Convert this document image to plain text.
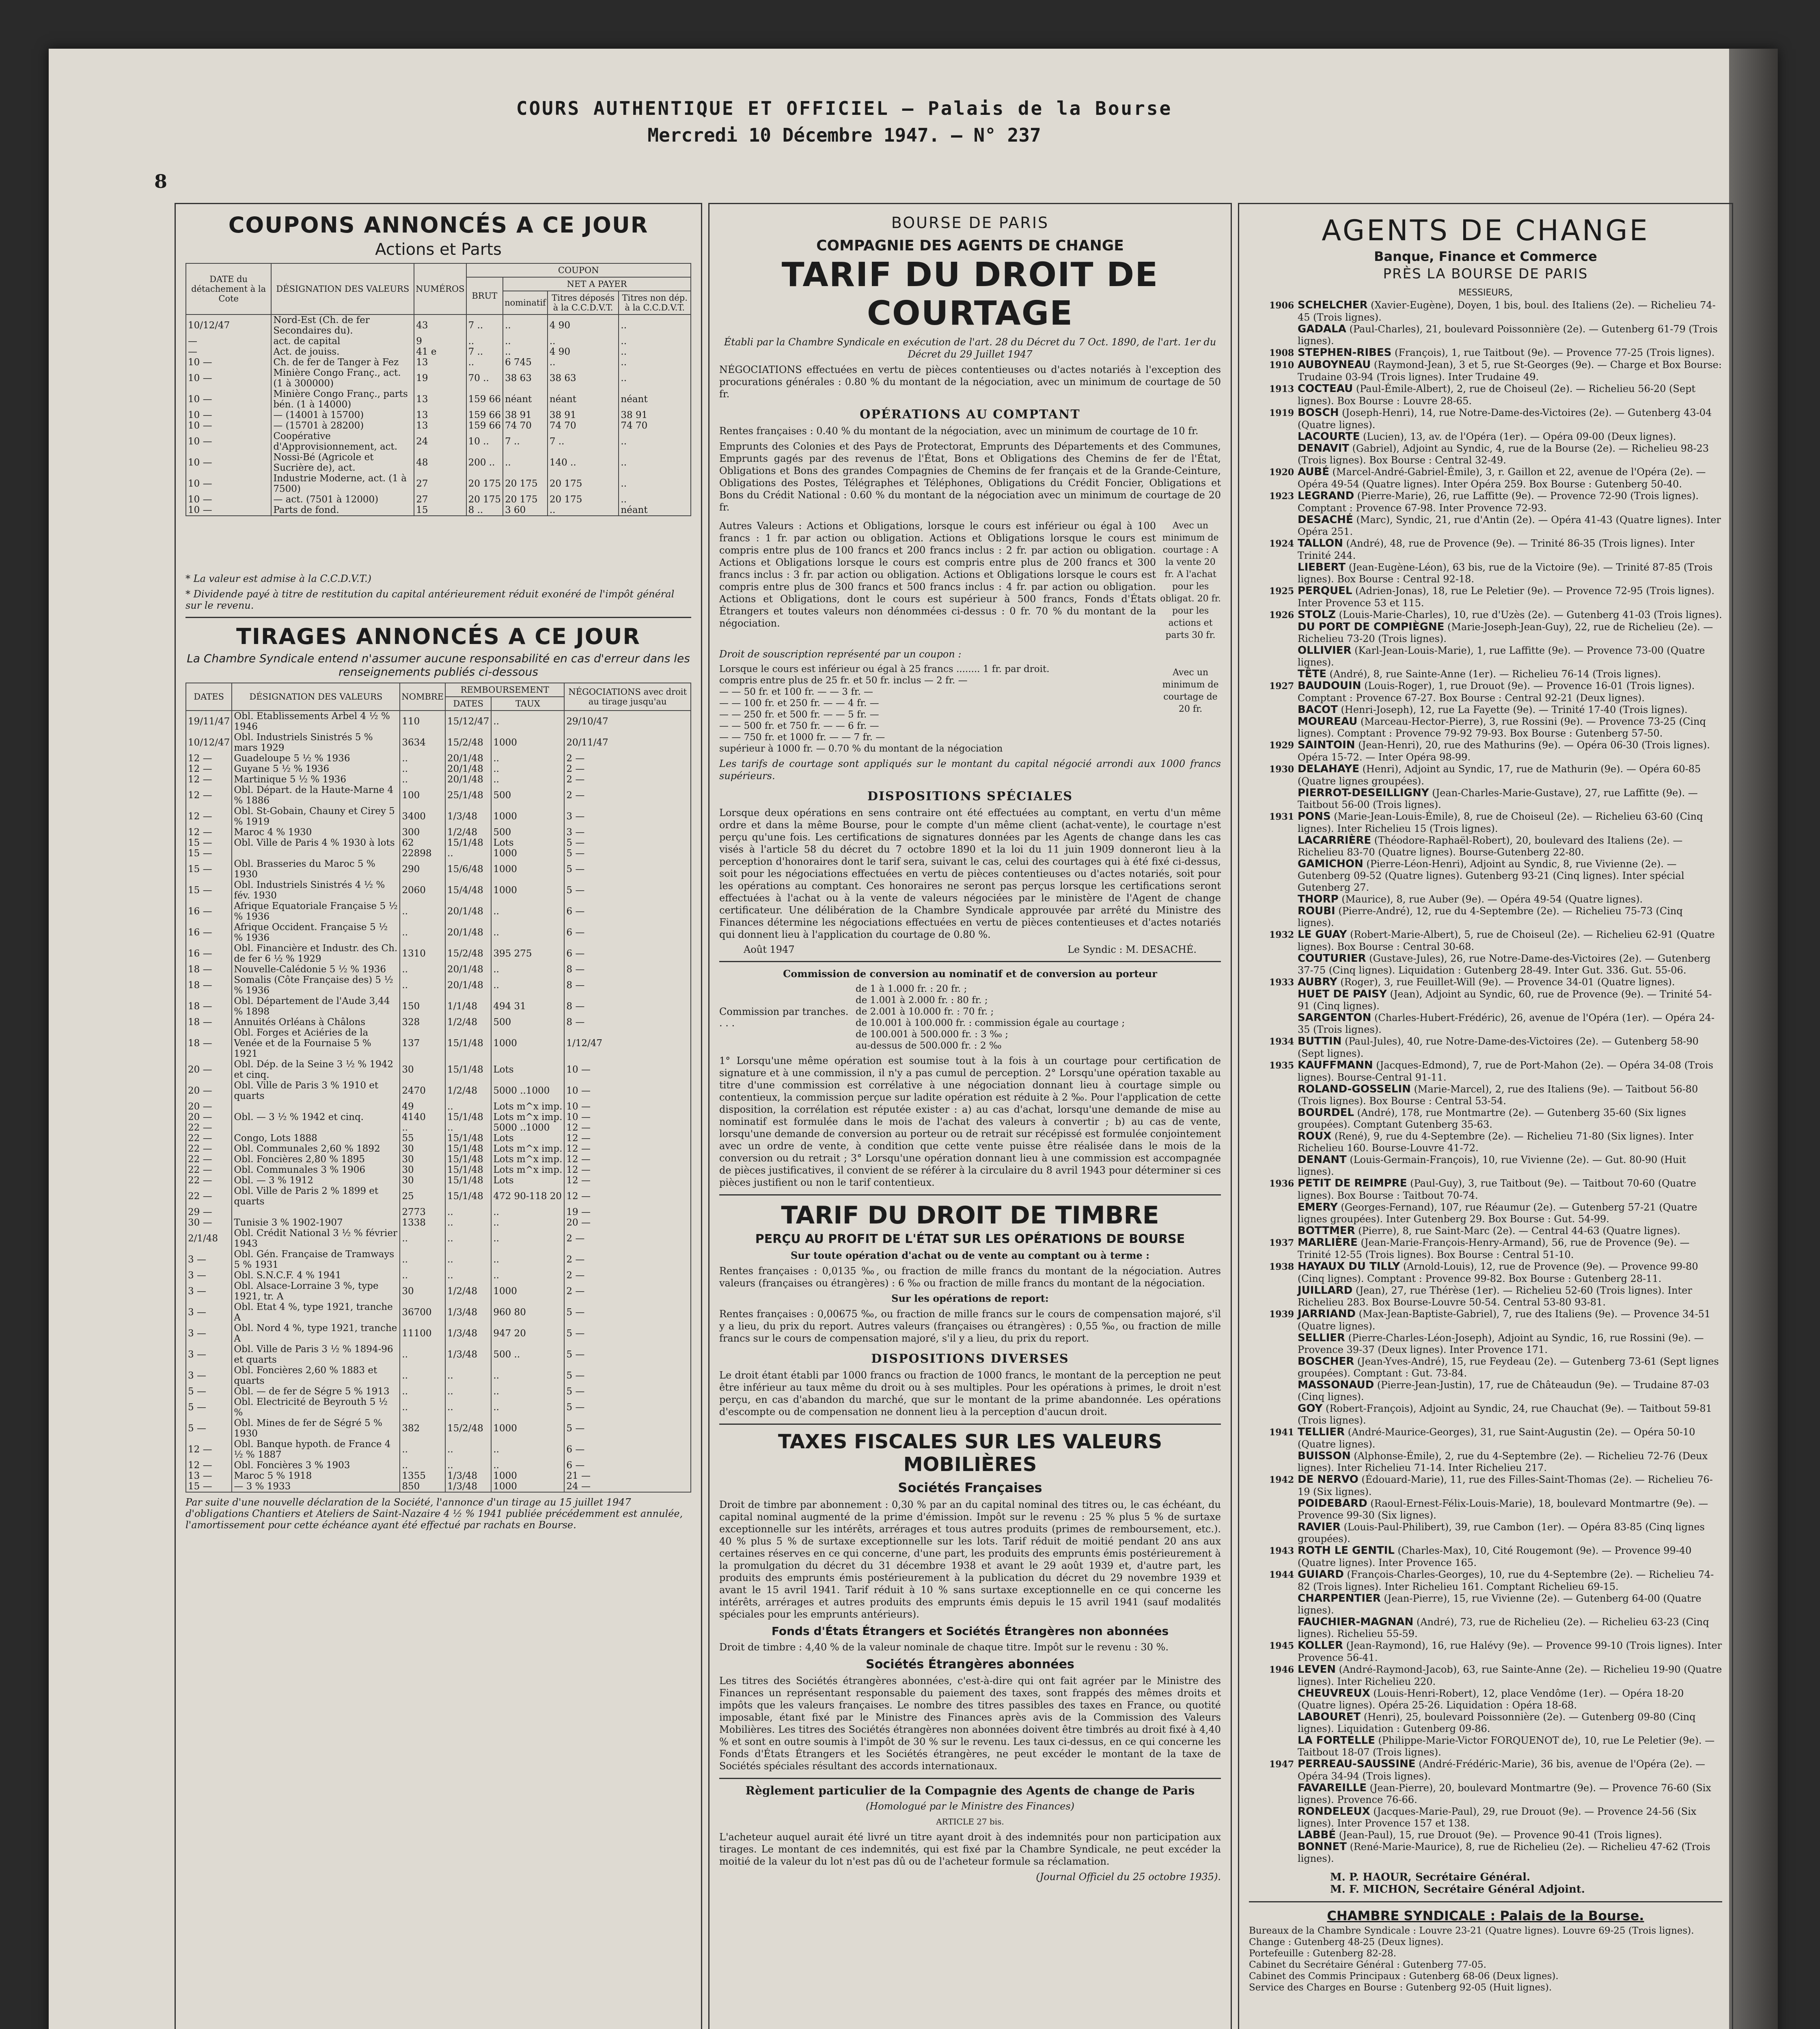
COURS AUTHENTIQUE ET OFFICIEL — Palais de la Bourse
Mercredi 10 Décembre 1947. — N° 237
8
COUPONS ANNONCÉS A CE JOUR
Actions et Parts
DATE du détachement à la Cote	DÉSIGNATION DES VALEURS	NUMÉROS	COUPON			
			BRUT	NET A PAYER		
				nominatif	Titres déposés à la C.C.D.V.T.	Titres non dép. à la C.C.D.V.T.
10/12/47	Nord-Est (Ch. de fer Secondaires du).	43	7 ..	..	4 90	..
—	act. de capital	9	..	..	..	..
—	Act. de jouiss.	41 e	7 ..	..	4 90	..
10 —	Ch. de fer de Tanger à Fez	13	..	6 745	..	..
10 —	Minière Congo Franç., act. (1 à 300000)	19	70 ..	38 63	38 63	..
10 —	Minière Congo Franç., parts bén. (1 à 14000)	13	159 66	néant	néant	néant
10 —	— (14001 à 15700)	13	159 66	38 91	38 91	38 91
10 —	— (15701 à 28200)	13	159 66	74 70	74 70	74 70
10 —	Coopérative d'Approvisionnement, act.	24	10 ..	7 ..	7 ..	..
10 —	Nossi-Bé (Agricole et Sucrière de), act.	48	200 ..	..	140 ..	..
10 —	Industrie Moderne, act. (1 à 7500)	27	20 175	20 175	20 175	..
10 —	— act. (7501 à 12000)	27	20 175	20 175	20 175	..
10 —	Parts de fond.	15	8 ..	3 60	..	néant
* La valeur est admise à la C.C.D.V.T.)
* Dividende payé à titre de restitution du capital antérieurement réduit exonéré de l'impôt général sur le revenu.
TIRAGES ANNONCÉS A CE JOUR
La Chambre Syndicale entend n'assumer aucune responsabilité en cas d'erreur dans les renseignements publiés ci-dessous
DATES	DÉSIGNATION DES VALEURS	NOMBRE	REMBOURSEMENT		NÉGOCIATIONS avec droit au tirage jusqu'au
			DATES	TAUX	
19/11/47	Obl. Etablissements Arbel 4 ½ % 1946	110	15/12/47	..	29/10/47
10/12/47	Obl. Industriels Sinistrés 5 % mars 1929	3634	15/2/48	1000	20/11/47
12 —	Guadeloupe 5 ½ % 1936	..	20/1/48	..	2 —
12 —	Guyane 5 ½ % 1936	..	20/1/48	..	2 —
12 —	Martinique 5 ½ % 1936	..	20/1/48	..	2 —
12 —	Obl. Départ. de la Haute-Marne 4 % 1886	100	25/1/48	500	2 —
12 —	Obl. St-Gobain, Chauny et Cirey 5 % 1919	3400	1/3/48	1000	3 —
12 —	Maroc 4 % 1930	300	1/2/48	500	3 —
15 —	Obl. Ville de Paris 4 % 1930 à lots	62	15/1/48	Lots	5 —
15 —		22898	..	1000	5 —
15 —	Obl. Brasseries du Maroc 5 % 1930	290	15/6/48	1000	5 —
15 —	Obl. Industriels Sinistrés 4 ½ % fév. 1930	2060	15/4/48	1000	5 —
16 —	Afrique Equatoriale Française 5 ½ % 1936	..	20/1/48	..	6 —
16 —	Afrique Occident. Française 5 ½ % 1936	..	20/1/48	..	6 —
16 —	Obl. Financière et Industr. des Ch. de fer 6 ½ % 1929	1310	15/2/48	395 275	6 —
18 —	Nouvelle-Calédonie 5 ½ % 1936	..	20/1/48	..	8 —
18 —	Somalis (Côte Française des) 5 ½ % 1936	..	20/1/48	..	8 —
18 —	Obl. Département de l'Aude 3,44 % 1898	150	1/1/48	494 31	8 —
18 —	Annuités Orléans à Châlons	328	1/2/48	500	8 —
18 —	Obl. Forges et Aciéries de la Venée et de la Fournaise 5 % 1921	137	15/1/48	1000	1/12/47
20 —	Obl. Dép. de la Seine 3 ½ % 1942 et cinq.	30	15/1/48	Lots	10 —
20 —	Obl. Ville de Paris 3 % 1910 et quarts	2470	1/2/48	5000 ..1000	10 —
20 —		49	..	Lots m^x imp.	10 —
20 —	Obl. — 3 ½ % 1942 et cinq.	4140	15/1/48	Lots m^x imp.	10 —
22 —		..	..	5000 ..1000	12 —
22 —	Congo, Lots 1888	55	15/1/48	Lots	12 —
22 —	Obl. Communales 2,60 % 1892	30	15/1/48	Lots m^x imp.	12 —
22 —	Obl. Foncières 2,80 % 1895	30	15/1/48	Lots m^x imp.	12 —
22 —	Obl. Communales 3 % 1906	30	15/1/48	Lots m^x imp.	12 —
22 —	Obl. — 3 % 1912	30	15/1/48	Lots	12 —
22 —	Obl. Ville de Paris 2 % 1899 et quarts	25	15/1/48	472 90-118 20	12 —
29 —		2773	..	..	19 —
30 —	Tunisie 3 % 1902-1907	1338	..	..	20 —
2/1/48	Obl. Crédit National 3 ½ % février 1943	..	..	..	2 —
3 —	Obl. Gén. Française de Tramways 5 % 1931	..	..	..	2 —
3 —	Obl. S.N.C.F. 4 % 1941	..	..	..	2 —
3 —	Obl. Alsace-Lorraine 3 %, type 1921, tr. A	30	1/2/48	1000	2 —
3 —	Obl. Etat 4 %, type 1921, tranche A	36700	1/3/48	960 80	5 —
3 —	Obl. Nord 4 %, type 1921, tranche A	11100	1/3/48	947 20	5 —
3 —	Obl. Ville de Paris 3 ½ % 1894-96 et quarts	..	1/3/48	500 ..	5 —
3 —	Obl. Foncières 2,60 % 1883 et quarts	..	..	..	5 —
5 —	Obl. — de fer de Ségre 5 % 1913	..	..	..	5 —
5 —	Obl. Electricité de Beyrouth 5 ½ %	..	..	..	5 —
5 —	Obl. Mines de fer de Ségré 5 % 1930	382	15/2/48	1000	5 —
12 —	Obl. Banque hypoth. de France 4 ½ % 1887	..	..	..	6 —
12 —	Obl. Foncières 3 % 1903	..	..	..	6 —
13 —	Maroc 5 % 1918	1355	1/3/48	1000	21 —
15 —	— 3 % 1933	850	1/3/48	1000	24 —
Par suite d'une nouvelle déclaration de la Société, l'annonce d'un tirage au 15 juillet 1947 d'obligations Chantiers et Ateliers de Saint-Nazaire 4 ½ % 1941 publiée précédemment est annulée, l'amortissement pour cette échéance ayant été effectué par rachats en Bourse.
BOURSE DE PARIS
COMPAGNIE DES AGENTS DE CHANGE
TARIF DU DROIT DE COURTAGE
Établi par la Chambre Syndicale en exécution de l'art. 28 du Décret du 7 Oct. 1890, de l'art. 1er du Décret du 29 Juillet 1947
NÉGOCIATIONS effectuées en vertu de pièces contentieuses ou d'actes notariés à l'exception des procurations générales : 0.80 % du montant de la négociation, avec un minimum de courtage de 50 fr.
OPÉRATIONS AU COMPTANT
Rentes françaises : 0.40 % du montant de la négociation, avec un minimum de courtage de 10 fr.
Emprunts des Colonies et des Pays de Protectorat, Emprunts des Départements et des Communes, Emprunts gagés par des revenus de l'État, Bons et Obligations des Chemins de fer de l'État, Obligations et Bons des grandes Compagnies de Chemins de fer français et de la Grande-Ceinture, Obligations des Postes, Télégraphes et Téléphones, Obligations du Crédit Foncier, Obligations et Bons du Crédit National : 0.60 % du montant de la négociation avec un minimum de courtage de 20 fr.
Autres Valeurs : Actions et Obligations, lorsque le cours est inférieur ou égal à 100 francs : 1 fr. par action ou obligation. Actions et Obligations lorsque le cours est compris entre plus de 100 francs et 200 francs inclus : 2 fr. par action ou obligation. Actions et Obligations lorsque le cours est compris entre plus de 200 francs et 300 francs inclus : 3 fr. par action ou obligation. Actions et Obligations lorsque le cours est compris entre plus de 300 francs et 500 francs inclus : 4 fr. par action ou obligation. Actions et Obligations, dont le cours est supérieur à 500 francs, Fonds d'États Étrangers et toutes valeurs non dénommées ci-dessus : 0 fr. 70 % du montant de la négociation.
Avec un minimum de courtage : A la vente 20 fr. A l'achat pour les obligat. 20 fr. pour les actions et parts 30 fr.
Droit de souscription représenté par un coupon :
Lorsque le cours est inférieur ou égal à 25 francs ........ 1 fr. par droit.
compris entre plus de 25 fr. et 50 fr. inclus — 2 fr. —
— — 50 fr. et 100 fr. — — 3 fr. —
— — 100 fr. et 250 fr. — — 4 fr. —
— — 250 fr. et 500 fr. — — 5 fr. —
— — 500 fr. et 750 fr. — — 6 fr. —
— — 750 fr. et 1000 fr. — — 7 fr. —
supérieur à 1000 fr. — 0.70 % du montant de la négociation
Avec un minimum de courtage de 20 fr.
Les tarifs de courtage sont appliqués sur le montant du capital négocié arrondi aux 1000 francs supérieurs.
DISPOSITIONS SPÉCIALES
Lorsque deux opérations en sens contraire ont été effectuées au comptant, en vertu d'un même ordre et dans la même Bourse, pour le compte d'un même client (achat-vente), le courtage n'est perçu qu'une fois. Les certifications de signatures données par les Agents de change dans les cas visés à l'article 58 du décret du 7 octobre 1890 et la loi du 11 juin 1909 donneront lieu à la perception d'honoraires dont le tarif sera, suivant le cas, celui des courtages qui à été fixé ci-dessus, soit pour les négociations effectuées en vertu de pièces contentieuses ou d'actes notariés, soit pour les opérations au comptant. Ces honoraires ne seront pas perçus lorsque les certifications seront effectuées à l'achat ou à la vente de valeurs négociées par le ministère de l'Agent de change certificateur. Une délibération de la Chambre Syndicale approuvée par arrêté du Ministre des Finances détermine les négociations effectuées en vertu de pièces contentieuses et d'actes notariés qui donnent lieu à l'application du courtage de 0.80 %.
Août 1947	Le Syndic : M. DESACHÉ.
Commission de conversion au nominatif et de conversion au porteur
Commission par tranches. . . .
de 1 à 1.000 fr. : 20 fr. ;
de 1.001 à 2.000 fr. : 80 fr. ;
de 2.001 à 10.000 fr. : 70 fr. ;
de 10.001 à 100.000 fr. : commission égale au courtage ;
de 100.001 à 500.000 fr. : 3 ‰ ;
au-dessus de 500.000 fr. : 2 ‰
1° Lorsqu'une même opération est soumise tout à la fois à un courtage pour certification de signature et à une commission, il n'y a pas cumul de perception. 2° Lorsqu'une opération taxable au titre d'une commission est corrélative à une négociation donnant lieu à courtage simple ou contentieux, la commission perçue sur ladite opération est réduite à 2 ‰. Pour l'application de cette disposition, la corrélation est réputée exister : a) au cas d'achat, lorsqu'une demande de mise au nominatif est formulée dans le mois de l'achat des valeurs à convertir ; b) au cas de vente, lorsqu'une demande de conversion au porteur ou de retrait sur récépissé est formulée conjointement avec un ordre de vente, à condition que cette vente puisse être réalisée dans le mois de la conversion ou du retrait ; 3° Lorsqu'une opération donnant lieu à une commission est accompagnée de pièces justificatives, il convient de se référer à la circulaire du 8 avril 1943 pour déterminer si ces pièces justifient ou non le tarif contentieux.
TARIF DU DROIT DE TIMBRE
PERÇU AU PROFIT DE L'ÉTAT SUR LES OPÉRATIONS DE BOURSE
Sur toute opération d'achat ou de vente au comptant ou à terme :
Rentes françaises : 0,0135 ‰, ou fraction de mille francs du montant de la négociation. Autres valeurs (françaises ou étrangères) : 6 ‰ ou fraction de mille francs du montant de la négociation.
Sur les opérations de report:
Rentes françaises : 0,00675 ‰, ou fraction de mille francs sur le cours de compensation majoré, s'il y a lieu, du prix du report. Autres valeurs (françaises ou étrangères) : 0,55 ‰, ou fraction de mille francs sur le cours de compensation majoré, s'il y a lieu, du prix du report.
DISPOSITIONS DIVERSES
Le droit étant établi par 1000 francs ou fraction de 1000 francs, le montant de la perception ne peut être inférieur au taux même du droit ou à ses multiples. Pour les opérations à primes, le droit n'est perçu, en cas d'abandon du marché, que sur le montant de la prime abandonnée. Les opérations d'escompte ou de compensation ne donnent lieu à la perception d'aucun droit.
TAXES FISCALES SUR LES VALEURS MOBILIÈRES
Sociétés Françaises
Droit de timbre par abonnement : 0,30 % par an du capital nominal des titres ou, le cas échéant, du capital nominal augmenté de la prime d'émission. Impôt sur le revenu : 25 % plus 5 % de surtaxe exceptionnelle sur les intérêts, arrérages et tous autres produits (primes de remboursement, etc.). 40 % plus 5 % de surtaxe exceptionnelle sur les lots. Tarif réduit de moitié pendant 20 ans aux certaines réserves en ce qui concerne, d'une part, les produits des emprunts émis postérieurement à la promulgation du décret du 31 décembre 1938 et avant le 29 août 1939 et, d'autre part, les produits des emprunts émis postérieurement à la publication du décret du 29 novembre 1939 et avant le 15 avril 1941. Tarif réduit à 10 % sans surtaxe exceptionnelle en ce qui concerne les intérêts, arrérages et autres produits des emprunts émis depuis le 15 avril 1941 (sauf modalités spéciales pour les emprunts antérieurs).
Fonds d'États Étrangers et Sociétés Étrangères non abonnées
Droit de timbre : 4,40 % de la valeur nominale de chaque titre. Impôt sur le revenu : 30 %.
Sociétés Étrangères abonnées
Les titres des Sociétés étrangères abonnées, c'est-à-dire qui ont fait agréer par le Ministre des Finances un représentant responsable du paiement des taxes, sont frappés des mêmes droits et impôts que les valeurs françaises. Le nombre des titres passibles des taxes en France, ou quotité imposable, étant fixé par le Ministre des Finances après avis de la Commission des Valeurs Mobilières. Les titres des Sociétés étrangères non abonnées doivent être timbrés au droit fixé à 4,40 % et sont en outre soumis à l'impôt de 30 % sur le revenu. Les taux ci-dessus, en ce qui concerne les Fonds d'États Étrangers et les Sociétés étrangères, ne peut excéder le montant de la taxe de Sociétés spéciales résultant des accords internationaux.
Règlement particulier de la Compagnie des Agents de change de Paris
(Homologué par le Ministre des Finances)
ARTICLE 27 bis.
L'acheteur auquel aurait été livré un titre ayant droit à des indemnités pour non participation aux tirages. Le montant de ces indemnités, qui est fixé par la Chambre Syndicale, ne peut excéder la moitié de la valeur du lot n'est pas dû ou de l'acheteur formule sa réclamation.
(Journal Officiel du 25 octobre 1935).
AGENTS DE CHANGE
Banque, Finance et Commerce
PRÈS LA BOURSE DE PARIS
MESSIEURS,

1906 SCHELCHER (Xavier-Eugène), Doyen, 1 bis, boul. des Italiens (2e). — Richelieu 74-45 (Trois lignes).

GADALA (Paul-Charles), 21, boulevard Poissonnière (2e). — Gutenberg 61-79 (Trois lignes).

1908 STEPHEN-RIBES (François), 1, rue Taitbout (9e). — Provence 77-25 (Trois lignes).

1910 AUBOYNEAU (Raymond-Jean), 3 et 5, rue St-Georges (9e). — Charge et Box Bourse: Trudaine 03-94 (Trois lignes). Inter Trudaine 49.

1913 COCTEAU (Paul-Émile-Albert), 2, rue de Choiseul (2e). — Richelieu 56-20 (Sept lignes). Box Bourse : Louvre 28-65.

1919 BOSCH (Joseph-Henri), 14, rue Notre-Dame-des-Victoires (2e). — Gutenberg 43-04 (Quatre lignes).

LACOURTE (Lucien), 13, av. de l'Opéra (1er). — Opéra 09-00 (Deux lignes).

DENAVIT (Gabriel), Adjoint au Syndic, 4, rue de la Bourse (2e). — Richelieu 98-23 (Trois lignes). Box Bourse : Central 32-49.

1920 AUBÉ (Marcel-André-Gabriel-Émile), 3, r. Gaillon et 22, avenue de l'Opéra (2e). — Opéra 49-54 (Quatre lignes). Inter Opéra 259. Box Bourse : Gutenberg 50-40.

1923 LEGRAND (Pierre-Marie), 26, rue Laffitte (9e). — Provence 72-90 (Trois lignes). Comptant : Provence 67-98. Inter Provence 72-93.

DESACHÉ (Marc), Syndic, 21, rue d'Antin (2e). — Opéra 41-43 (Quatre lignes). Inter Opéra 251.

1924 TALLON (André), 48, rue de Provence (9e). — Trinité 86-35 (Trois lignes). Inter Trinité 244.

LIEBERT (Jean-Eugène-Léon), 63 bis, rue de la Victoire (9e). — Trinité 87-85 (Trois lignes). Box Bourse : Central 92-18.

1925 PERQUEL (Adrien-Jonas), 18, rue Le Peletier (9e). — Provence 72-95 (Trois lignes). Inter Provence 53 et 115.

1926 STOLZ (Louis-Marie-Charles), 10, rue d'Uzès (2e). — Gutenberg 41-03 (Trois lignes).

DU PORT DE COMPIÈGNE (Marie-Joseph-Jean-Guy), 22, rue de Richelieu (2e). — Richelieu 73-20 (Trois lignes).

OLLIVIER (Karl-Jean-Louis-Marie), 1, rue Laffitte (9e). — Provence 73-00 (Quatre lignes).

TÊTE (André), 8, rue Sainte-Anne (1er). — Richelieu 76-14 (Trois lignes).

1927 BAUDOUIN (Louis-Roger), 1, rue Drouot (9e). — Provence 16-01 (Trois lignes). Comptant : Provence 67-27. Box Bourse : Central 92-21 (Deux lignes).

BACOT (Henri-Joseph), 12, rue La Fayette (9e). — Trinité 17-40 (Trois lignes).

MOUREAU (Marceau-Hector-Pierre), 3, rue Rossini (9e). — Provence 73-25 (Cinq lignes). Comptant : Provence 79-92 79-93. Box Bourse : Gutenberg 57-50.

1929 SAINTOIN (Jean-Henri), 20, rue des Mathurins (9e). — Opéra 06-30 (Trois lignes). Opéra 15-72. — Inter Opéra 98-99.

1930 DELAHAYE (Henri), Adjoint au Syndic, 17, rue de Mathurin (9e). — Opéra 60-85 (Quatre lignes groupées).

PIERROT-DESEILLIGNY (Jean-Charles-Marie-Gustave), 27, rue Laffitte (9e). — Taitbout 56-00 (Trois lignes).

1931 PONS (Marie-Jean-Louis-Émile), 8, rue de Choiseul (2e). — Richelieu 63-60 (Cinq lignes). Inter Richelieu 15 (Trois lignes).

LACARRIÈRE (Théodore-Raphaël-Robert), 20, boulevard des Italiens (2e). — Richelieu 83-70 (Quatre lignes). Bourse-Gutenberg 22-80.

GAMICHON (Pierre-Léon-Henri), Adjoint au Syndic, 8, rue Vivienne (2e). — Gutenberg 09-52 (Quatre lignes). Gutenberg 93-21 (Cinq lignes). Inter spécial Gutenberg 27.

THORP (Maurice), 8, rue Auber (9e). — Opéra 49-54 (Quatre lignes).

ROUBI (Pierre-André), 12, rue du 4-Septembre (2e). — Richelieu 75-73 (Cinq lignes).

1932 LE GUAY (Robert-Marie-Albert), 5, rue de Choiseul (2e). — Richelieu 62-91 (Quatre lignes). Box Bourse : Central 30-68.

COUTURIER (Gustave-Jules), 26, rue Notre-Dame-des-Victoires (2e). — Gutenberg 37-75 (Cinq lignes). Liquidation : Gutenberg 28-49. Inter Gut. 336. Gut. 55-06.

1933 AUBRY (Roger), 3, rue Feuillet-Will (9e). — Provence 34-01 (Quatre lignes).

HUET DE PAISY (Jean), Adjoint au Syndic, 60, rue de Provence (9e). — Trinité 54-91 (Cinq lignes).

SARGENTON (Charles-Hubert-Frédéric), 26, avenue de l'Opéra (1er). — Opéra 24-35 (Trois lignes).

1934 BUTTIN (Paul-Jules), 40, rue Notre-Dame-des-Victoires (2e). — Gutenberg 58-90 (Sept lignes).

1935 KAUFFMANN (Jacques-Edmond), 7, rue de Port-Mahon (2e). — Opéra 34-08 (Trois lignes). Bourse-Central 91-11.

ROLAND-GOSSELIN (Marie-Marcel), 2, rue des Italiens (9e). — Taitbout 56-80 (Trois lignes). Box Bourse : Central 53-54.

BOURDEL (André), 178, rue Montmartre (2e). — Gutenberg 35-60 (Six lignes groupées). Comptant Gutenberg 35-63.

ROUX (René), 9, rue du 4-Septembre (2e). — Richelieu 71-80 (Six lignes). Inter Richelieu 160. Bourse-Louvre 41-72.

DENANT (Louis-Germain-François), 10, rue Vivienne (2e). — Gut. 80-90 (Huit lignes).

1936 PETIT DE REIMPRE (Paul-Guy), 3, rue Taitbout (9e). — Taitbout 70-60 (Quatre lignes). Box Bourse : Taitbout 70-74.

EMERY (Georges-Fernand), 107, rue Réaumur (2e). — Gutenberg 57-21 (Quatre lignes groupées). Inter Gutenberg 29. Box Bourse : Gut. 54-99.

BOTTMER (Pierre), 8, rue Saint-Marc (2e). — Central 44-63 (Quatre lignes).

1937 MARLIÈRE (Jean-Marie-François-Henry-Armand), 56, rue de Provence (9e). — Trinité 12-55 (Trois lignes). Box Bourse : Central 51-10.

1938 HAYAUX DU TILLY (Arnold-Louis), 12, rue de Provence (9e). — Provence 99-80 (Cinq lignes). Comptant : Provence 99-82. Box Bourse : Gutenberg 28-11.

JUILLARD (Jean), 27, rue Thérèse (1er). — Richelieu 52-60 (Trois lignes). Inter Richelieu 283. Box Bourse-Louvre 50-54. Central 53-80 93-81.

1939 JARRIAND (Max-Jean-Baptiste-Gabriel), 7, rue des Italiens (9e). — Provence 34-51 (Quatre lignes).

SELLIER (Pierre-Charles-Léon-Joseph), Adjoint au Syndic, 16, rue Rossini (9e). — Provence 39-37 (Deux lignes). Inter Provence 171.

BOSCHER (Jean-Yves-André), 15, rue Feydeau (2e). — Gutenberg 73-61 (Sept lignes groupées). Comptant : Gut. 73-84.

MASSONAUD (Pierre-Jean-Justin), 17, rue de Châteaudun (9e). — Trudaine 87-03 (Cinq lignes).

GOY (Robert-François), Adjoint au Syndic, 24, rue Chauchat (9e). — Taitbout 59-81 (Trois lignes).

1941 TELLIER (André-Maurice-Georges), 31, rue Saint-Augustin (2e). — Opéra 50-10 (Quatre lignes).

BUISSON (Alphonse-Émile), 2, rue du 4-Septembre (2e). — Richelieu 72-76 (Deux lignes). Inter Richelieu 71-14. Inter Richelieu 217.

1942 DE NERVO (Édouard-Marie), 11, rue des Filles-Saint-Thomas (2e). — Richelieu 76-19 (Six lignes).

POIDEBARD (Raoul-Ernest-Félix-Louis-Marie), 18, boulevard Montmartre (9e). — Provence 99-30 (Six lignes).

RAVIER (Louis-Paul-Philibert), 39, rue Cambon (1er). — Opéra 83-85 (Cinq lignes groupées).

1943 ROTH LE GENTIL (Charles-Max), 10, Cité Rougemont (9e). — Provence 99-40 (Quatre lignes). Inter Provence 165.

1944 GUIARD (François-Charles-Georges), 10, rue du 4-Septembre (2e). — Richelieu 74-82 (Trois lignes). Inter Richelieu 161. Comptant Richelieu 69-15.

CHARPENTIER (Jean-Pierre), 15, rue Vivienne (2e). — Gutenberg 64-00 (Quatre lignes).

FAUCHIER-MAGNAN (André), 73, rue de Richelieu (2e). — Richelieu 63-23 (Cinq lignes). Richelieu 55-59.

1945 KOLLER (Jean-Raymond), 16, rue Halévy (9e). — Provence 99-10 (Trois lignes). Inter Provence 56-41.

1946 LEVEN (André-Raymond-Jacob), 63, rue Sainte-Anne (2e). — Richelieu 19-90 (Quatre lignes). Inter Richelieu 220.

CHEUVREUX (Louis-Henri-Robert), 12, place Vendôme (1er). — Opéra 18-20 (Quatre lignes). Opéra 25-26. Liquidation : Opéra 18-68.

LABOURET (Henri), 25, boulevard Poissonnière (2e). — Gutenberg 09-80 (Cinq lignes). Liquidation : Gutenberg 09-86.

LA FORTELLE (Philippe-Marie-Victor FORQUENOT de), 10, rue Le Peletier (9e). — Taitbout 18-07 (Trois lignes).

1947 PERREAU-SAUSSINE (André-Frédéric-Marie), 36 bis, avenue de l'Opéra (2e). — Opéra 34-94 (Trois lignes).

FAVAREILLE (Jean-Pierre), 20, boulevard Montmartre (9e). — Provence 76-60 (Six lignes). Provence 76-66.

RONDELEUX (Jacques-Marie-Paul), 29, rue Drouot (9e). — Provence 24-56 (Six lignes). Inter Provence 157 et 138.

LABBÉ (Jean-Paul), 15, rue Drouot (9e). — Provence 90-41 (Trois lignes).

BONNET (René-Marie-Maurice), 8, rue de Richelieu (2e). — Richelieu 47-62 (Trois lignes).

M. P. HAOUR, Secrétaire Général.
M. F. MICHON, Secrétaire Général Adjoint.
CHAMBRE SYNDICALE : Palais de la Bourse.
Bureaux de la Chambre Syndicale : Louvre 23-21 (Quatre lignes). Louvre 69-25 (Trois lignes).
Change : Gutenberg 48-25 (Deux lignes).
Portefeuille : Gutenberg 82-28.
Cabinet du Secrétaire Général : Gutenberg 77-05.
Cabinet des Commis Principaux : Gutenberg 68-06 (Deux lignes).
Service des Charges en Bourse : Gutenberg 92-05 (Huit lignes).
